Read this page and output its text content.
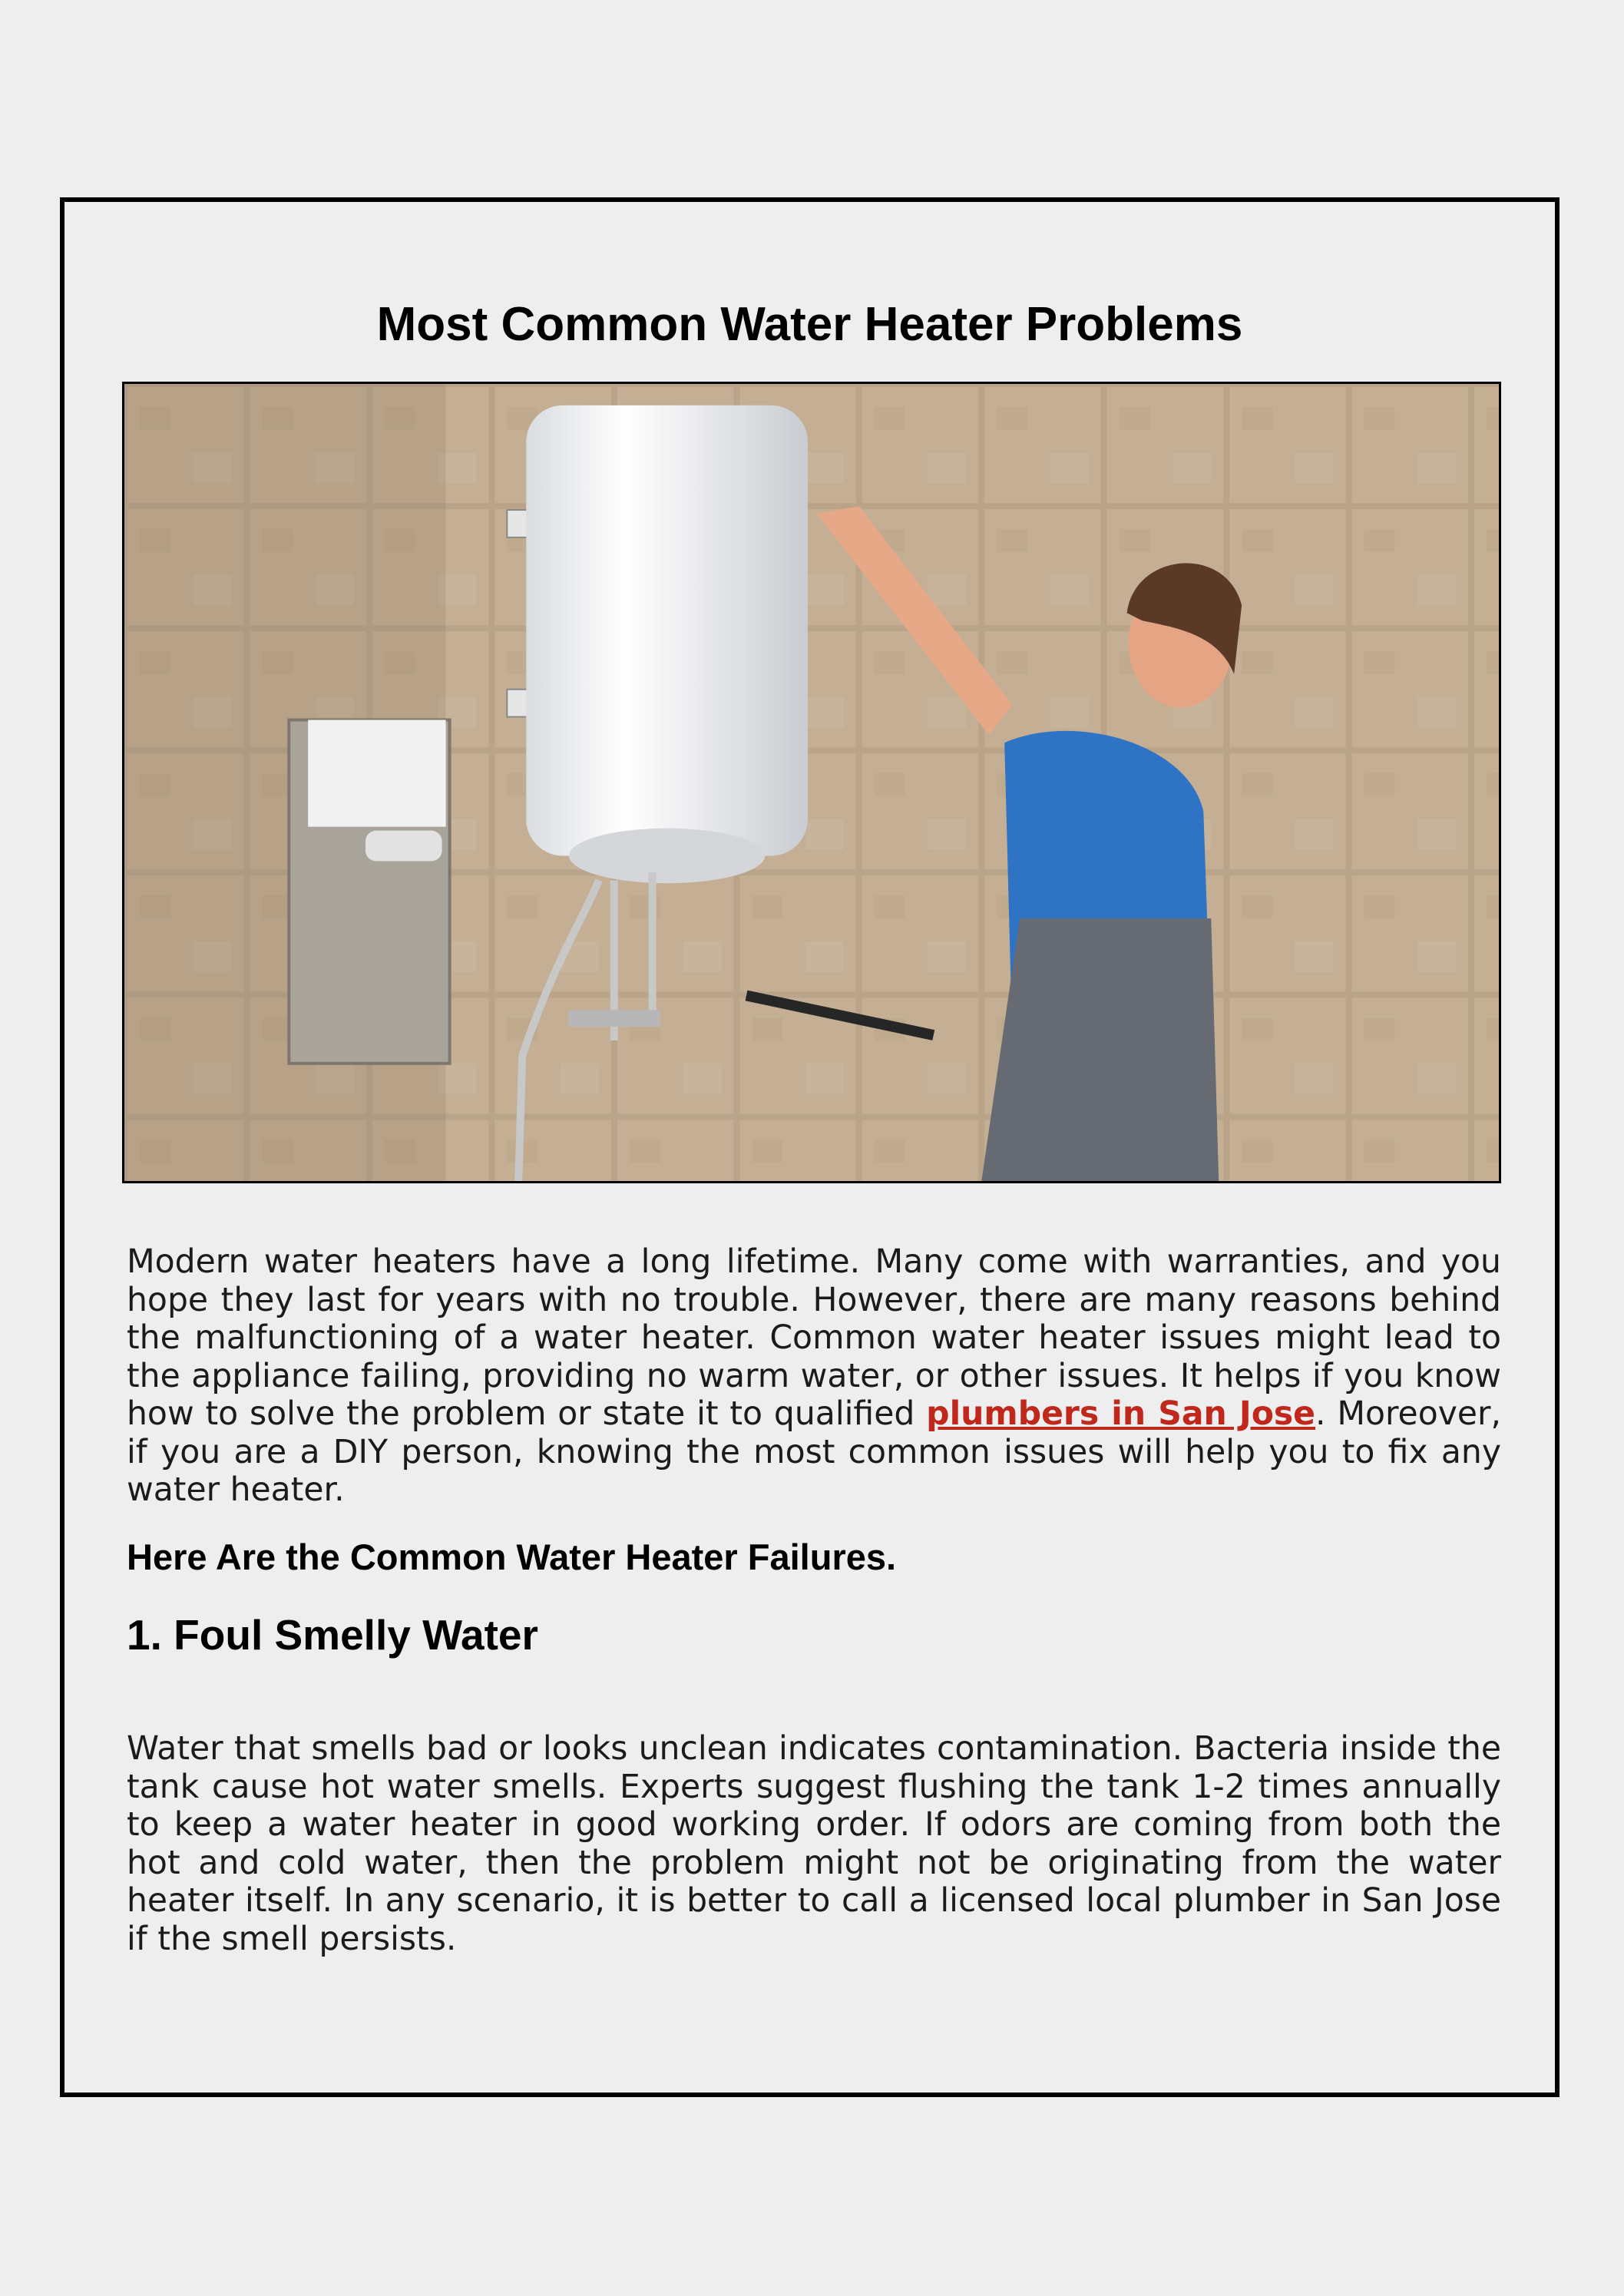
Most Common Water Heater Problems

Modern water heaters have a long lifetime. Many come with warranties, and you hope they last for years with no trouble. However, there are many reasons behind the malfunctioning of a water heater. Common water heater issues might lead to the appliance failing, providing no warm water, or other issues. It helps if you know how to solve the problem or state it to qualified plumbers in San Jose. Moreover, if you are a DIY person, knowing the most common issues will help you to fix any water heater.

Here Are the Common Water Heater Failures.
1. Foul Smelly Water

Water that smells bad or looks unclean indicates contamination. Bacteria inside the tank cause hot water smells. Experts suggest flushing the tank 1-2 times annually to keep a water heater in good working order. If odors are coming from both the hot and cold water, then the problem might not be originating from the water heater itself. In any scenario, it is better to call a licensed local plumber in San Jose if the smell persists.
